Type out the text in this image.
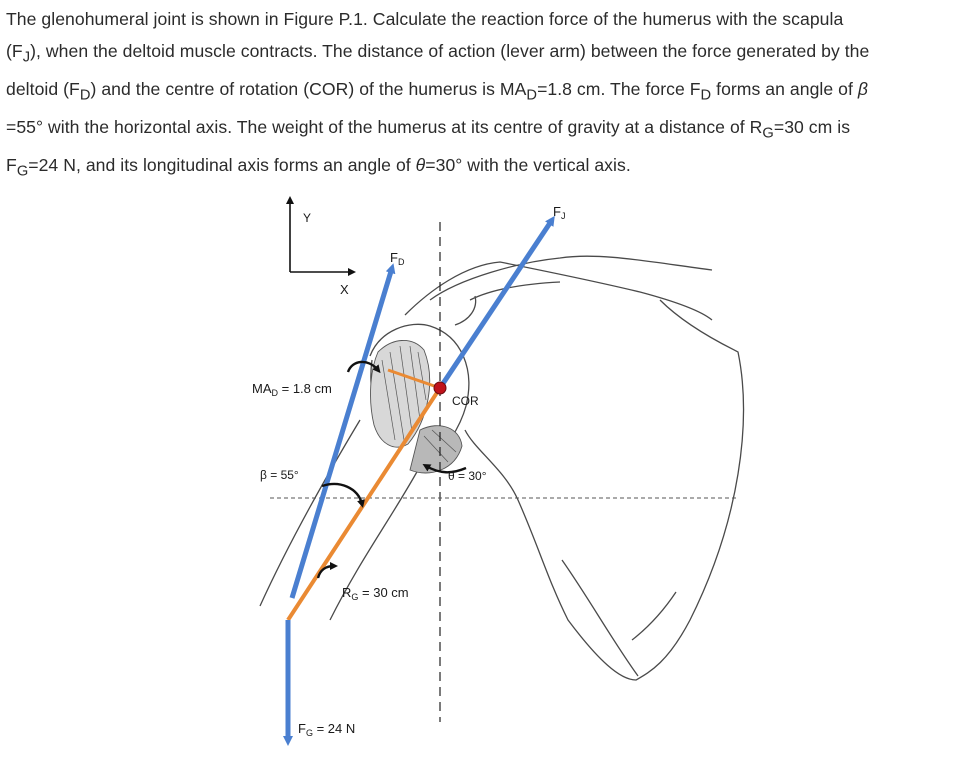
The glenohumeral joint is shown in Figure P.1. Calculate the reaction force of the humerus with the scapula
$(F_J)$, when the deltoid muscle contracts. The distance of action (lever arm) between the force generated by the
deltoid $(F_D)$ and the centre of rotation (COR) of the humerus is $MA_D=1.8$ cm. The force $F_D$ forms an angle of β
=55° with the horizontal axis. The weight of the humerus at its centre of gravity at a distance of $R_G=30$ cm is
$F_G=24$ N, and its longitudinal axis forms an angle of θ=30° with the vertical axis.
Y
X
$F_D$
$F_J$
$MA_D = 1.8$ cm
β = 55°
COR
θ = 30°
$R_G = 30$ cm
$F_G = 24$ N
